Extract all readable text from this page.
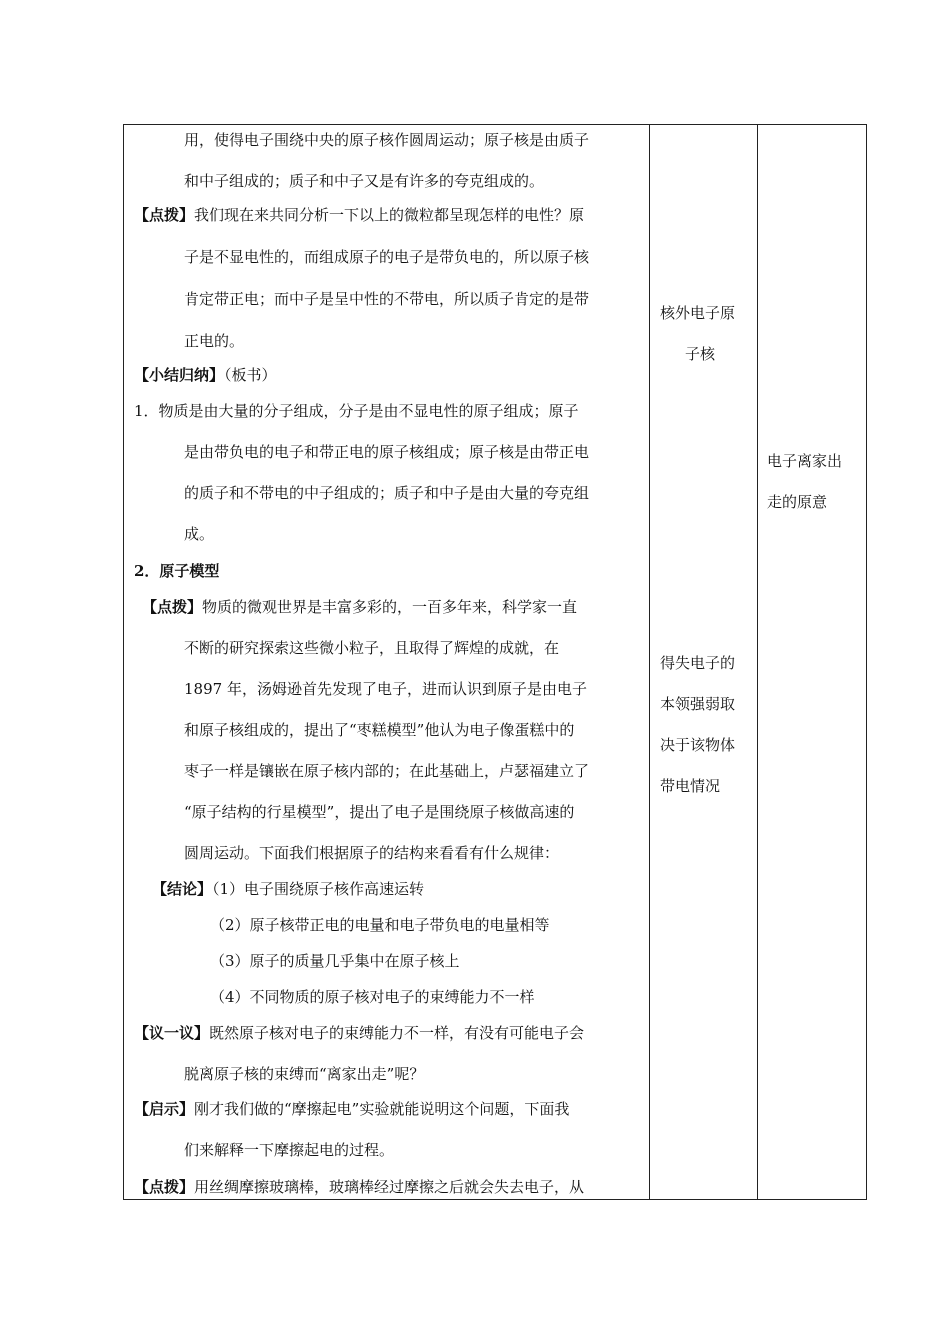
用，使得电子围绕中央的原子核作圆周运动；原子核是由质子
和中子组成的；质子和中子又是有许多的夸克组成的。
【点拨】我们现在来共同分析一下以上的微粒都呈现怎样的电性？原
子是不显电性的，而组成原子的电子是带负电的，所以原子核
肯定带正电；而中子是呈中性的不带电，所以质子肯定的是带
正电的。
【小结归纳】（板书）
1．物质是由大量的分子组成，分子是由不显电性的原子组成；原子
是由带负电的电子和带正电的原子核组成；原子核是由带正电
的质子和不带电的中子组成的；质子和中子是由大量的夸克组
成。
2．原子模型
【点拨】物质的微观世界是丰富多彩的，一百多年来，科学家一直
不断的研究探索这些微小粒子，且取得了辉煌的成就，在
1897 年，汤姆逊首先发现了电子，进而认识到原子是由电子
和原子核组成的，提出了“枣糕模型”他认为电子像蛋糕中的
枣子一样是镶嵌在原子核内部的；在此基础上，卢瑟福建立了
“原子结构的行星模型”，提出了电子是围绕原子核做高速的
圆周运动。下面我们根据原子的结构来看看有什么规律：
【结论】（1）电子围绕原子核作高速运转
（2）原子核带正电的电量和电子带负电的电量相等
（3）原子的质量几乎集中在原子核上
（4）不同物质的原子核对电子的束缚能力不一样
【议一议】既然原子核对电子的束缚能力不一样，有没有可能电子会
脱离原子核的束缚而“离家出走”呢？
【启示】刚才我们做的“摩擦起电”实验就能说明这个问题，下面我
们来解释一下摩擦起电的过程。
【点拨】用丝绸摩擦玻璃棒，玻璃棒经过摩擦之后就会失去电子，从
核外电子原
子核
得失电子的
本领强弱取
决于该物体
带电情况
电子离家出
走的原意
